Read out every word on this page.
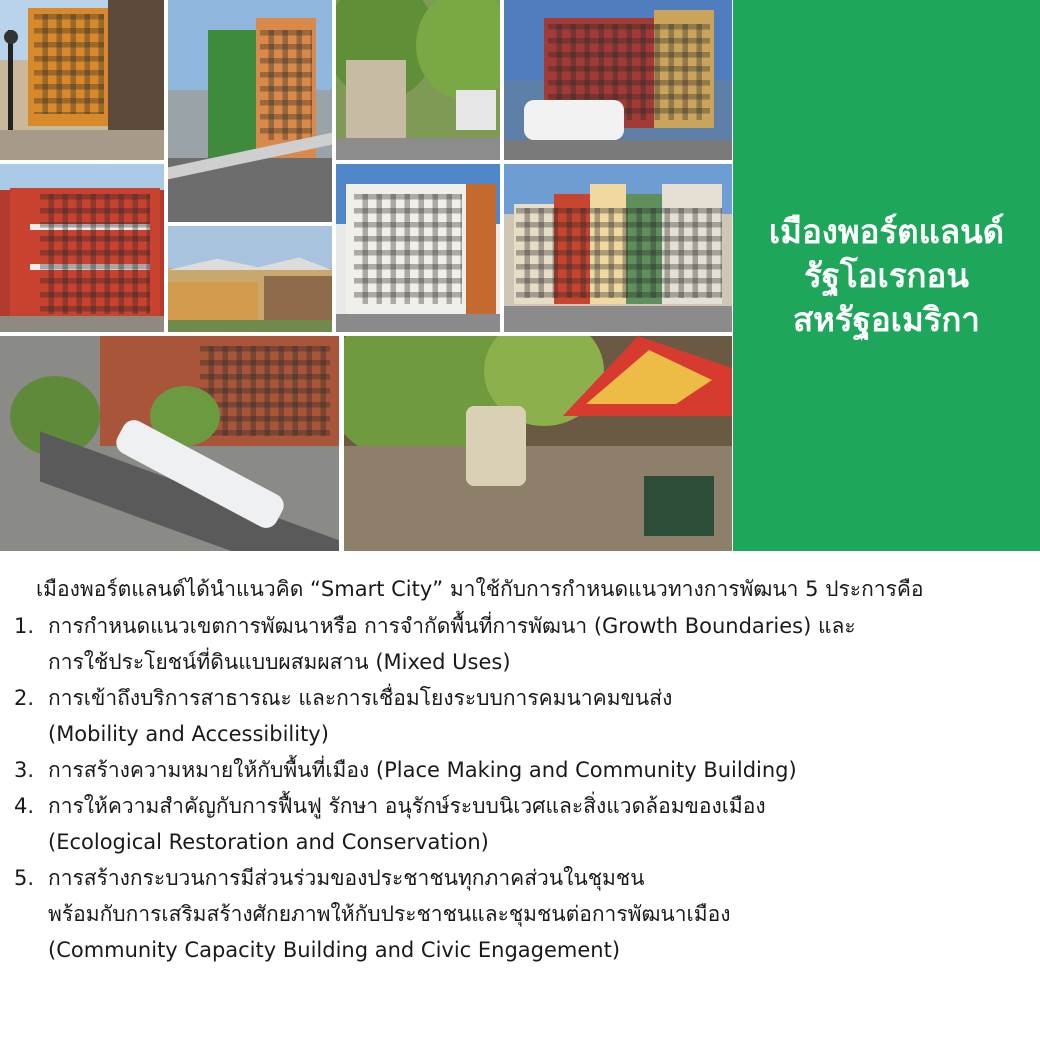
เมืองพอร์ตแลนด์
รัฐโอเรกอน
สหรัฐอเมริกา
เมืองพอร์ตแลนด์ได้นำแนวคิด “Smart City” มาใช้กับการกำหนดแนวทางการพัฒนา 5 ประการคือ
1. การกำหนดแนวเขตการพัฒนาหรือ การจำกัดพื้นที่การพัฒนา (Growth Boundaries) และ
การใช้ประโยชน์ที่ดินแบบผสมผสาน (Mixed Uses)
2. การเข้าถึงบริการสาธารณะ และการเชื่อมโยงระบบการคมนาคมขนส่ง
(Mobility and Accessibility)
3. การสร้างความหมายให้กับพื้นที่เมือง (Place Making and Community Building)
4. การให้ความสำคัญกับการฟื้นฟู รักษา อนุรักษ์ระบบนิเวศและสิ่งแวดล้อมของเมือง
(Ecological Restoration and Conservation)
5. การสร้างกระบวนการมีส่วนร่วมของประชาชนทุกภาคส่วนในชุมชน
พร้อมกับการเสริมสร้างศักยภาพให้กับประชาชนและชุมชนต่อการพัฒนาเมือง
(Community Capacity Building and Civic Engagement)
